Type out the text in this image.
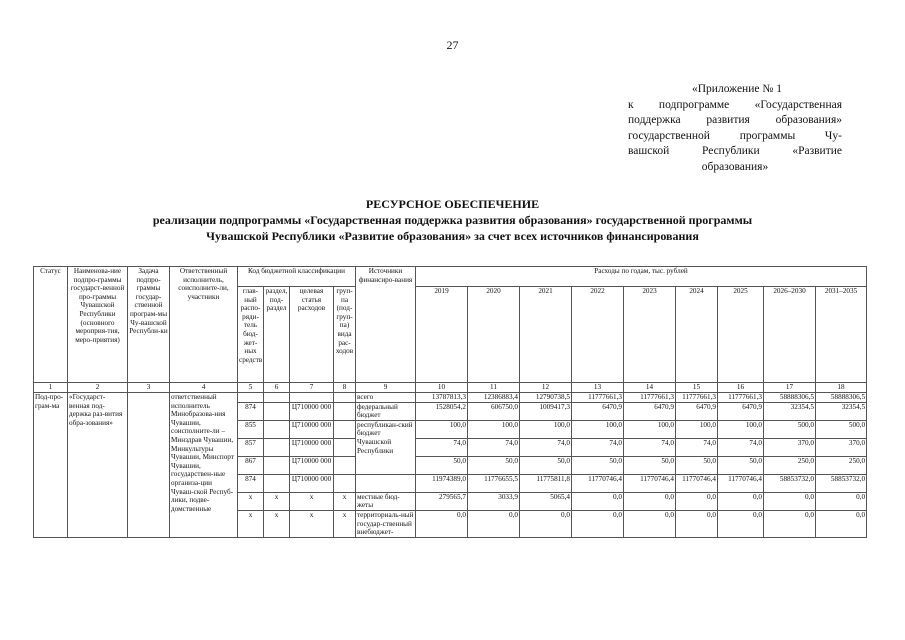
27
«Приложение № 1
к подпрограмме «Государственная
поддержка развития образования»
государственной программы Чу-
вашской Республики «Развитие
образования»
РЕСУРСНОЕ ОБЕСПЕЧЕНИЕ
реализации подпрограммы «Государственная поддержка развития образования» государственной программы
Чувашской Республики «Развитие образования» за счет всех источников финансирования
Статус	Наименова-ние подпро-граммы государст-венной про-граммы Чувашской Республики (основного мероприя-тия, меро-приятия)	Задача подпро-граммы государ-ственной програм-мы Чу-вашской Республи-ки	Ответственный исполнитель, соисполните-ли, участники	Код бюджетной классификации				Источники финансиро-вания	Расходы по годам, тыс. рублей								
				глав-ный распо-ряди-тель бюд-жет-ных средств	раздел, под-раздел	целевая статья расходов	груп-па (под-груп-па) вида рас-ходов		2019	2020	2021	2022	2023	2024	2025	2026–2030	2031–2035
1	2	3	4	5	6	7	8	9	10	11	12	13	14	15	16	17	18
Под-про-грам-ма	«Государст-венная под-держка раз-вития обра-зования»		ответственный исполнитель Минобразова-ния Чувашии, соисполните-ли – Минздрав Чувашии, Минкультуры Чувашии, Минспорт Чувашии, государствен-ные организа-ции Чуваш-ской Респуб-лики, подве-домственные					всего	13787813,3	12386883,4	12790738,5	11777661,3	11777661,3	11777661,3	11777661,3	58888306,5	58888306,5
				874		Ц710000 000		федеральный бюджет	1528054,2	606750,0	1009417,3	6470,9	6470,9	6470,9	6470,9	32354,5	32354,5
				855		Ц710000 000		республикан-ский бюджет Чувашской Республики	100,0	100,0	100,0	100,0	100,0	100,0	100,0	500,0	500,0
				857		Ц710000 000			74,0	74,0	74,0	74,0	74,0	74,0	74,0	370,0	370,0
				867		Ц710000 000			50,0	50,0	50,0	50,0	50,0	50,0	50,0	250,0	250,0
				874		Ц710000 000			11974389,0	11776655,5	11775811,8	11770746,4	11770746,4	11770746,4	11770746,4	58853732,0	58853732,0
				x	x	x	x	местные бюд-жеты	279565,7	3033,9	5065,4	0,0	0,0	0,0	0,0	0,0	0,0
				x	x	x	x	территориаль-ный государ-ственный внебюджет-	0,0	0,0	0,0	0,0	0,0	0,0	0,0	0,0	0,0
